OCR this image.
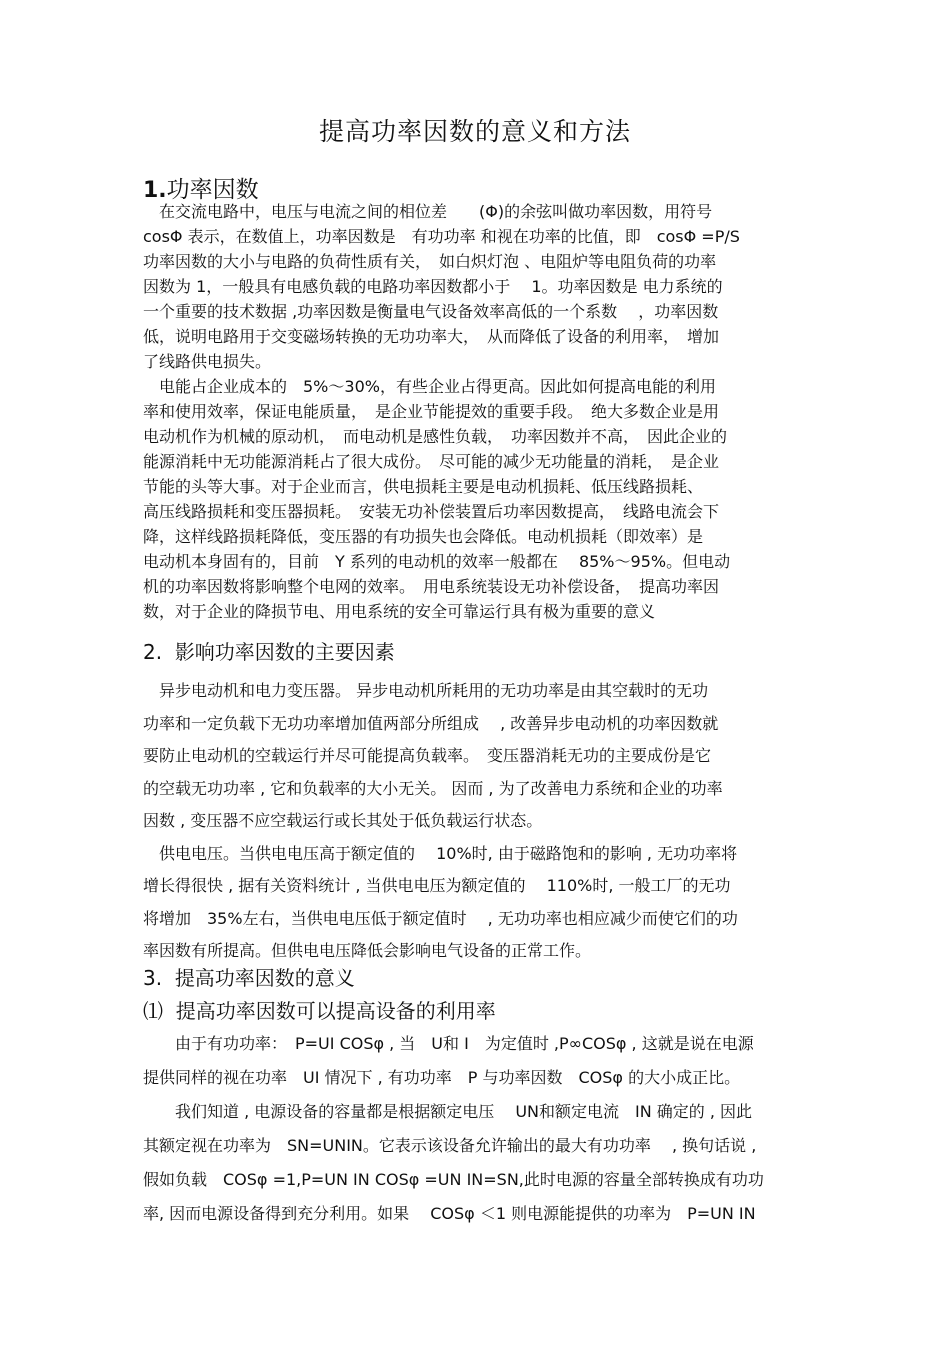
提高功率因数的意义和方法
1.功率因数
　在交流电路中，电压与电流之间的相位差　　(Φ)的余弦叫做功率因数，用符号
cosΦ 表示，在数值上，功率因数是　有功功率 和视在功率的比值，即　cosΦ =P/S
功率因数的大小与电路的负荷性质有关，　如白炽灯泡 、电阻炉等电阻负荷的功率
因数为 1，一般具有电感负载的电路功率因数都小于　 1。功率因数是 电力系统的
一个重要的技术数据 ,功率因数是衡量电气设备效率高低的一个系数　 ，功率因数
低，说明电路用于交变磁场转换的无功功率大，　从而降低了设备的利用率，　增加
了线路供电损失。
　电能占企业成本的　5%～30%，有些企业占得更高。因此如何提高电能的利用
率和使用效率，保证电能质量，　是企业节能提效的重要手段。　绝大多数企业是用
电动机作为机械的原动机，　而电动机是感性负载，　功率因数并不高，　因此企业的
能源消耗中无功能源消耗占了很大成份。　尽可能的减少无功能量的消耗，　是企业
节能的头等大事。对于企业而言，供电损耗主要是电动机损耗、低压线路损耗、
高压线路损耗和变压器损耗。　安装无功补偿装置后功率因数提高，　线路电流会下
降，这样线路损耗降低，变压器的有功损失也会降低。电动机损耗（即效率）是
电动机本身固有的，目前　Y 系列的电动机的效率一般都在　 85%～95%。但电动
机的功率因数将影响整个电网的效率。　用电系统装设无功补偿设备，　提高功率因
数，对于企业的降损节电、用电系统的安全可靠运行具有极为重要的意义
2. 影响功率因数的主要因素
　异步电动机和电力变压器。 异步电动机所耗用的无功功率是由其空载时的无功
功率和一定负载下无功功率增加值两部分所组成　 , 改善异步电动机的功率因数就
要防止电动机的空载运行并尽可能提高负载率。　变压器消耗无功的主要成份是它
的空载无功功率 , 它和负载率的大小无关。 因而 , 为了改善电力系统和企业的功率
因数 , 变压器不应空载运行或长其处于低负载运行状态。
　供电电压。当供电电压高于额定值的　 10%时, 由于磁路饱和的影响 , 无功功率将
增长得很快 , 据有关资料统计 , 当供电电压为额定值的　 110%时, 一般工厂的无功
将增加　35%左右，当供电电压低于额定值时　 , 无功功率也相应减少而使它们的功
率因数有所提高。但供电电压降低会影响电气设备的正常工作。
3. 提高功率因数的意义
⑴ 提高功率因数可以提高设备的利用率
　　由于有功功率：　P=UI COSφ , 当　U和 I　为定值时 ,P∞COSφ , 这就是说在电源
提供同样的视在功率　UI 情况下 , 有功功率　P 与功率因数　COSφ 的大小成正比。
　　我们知道 , 电源设备的容量都是根据额定电压　 UN和额定电流　IN 确定的 , 因此
其额定视在功率为　SN=UNIN。它表示该设备允许输出的最大有功功率　 , 换句话说 ,
假如负载　COSφ =1,P=UN IN COSφ =UN IN=SN,此时电源的容量全部转换成有功功
率, 因而电源设备得到充分利用。如果　 COSφ ＜1 则电源能提供的功率为　P=UN IN
